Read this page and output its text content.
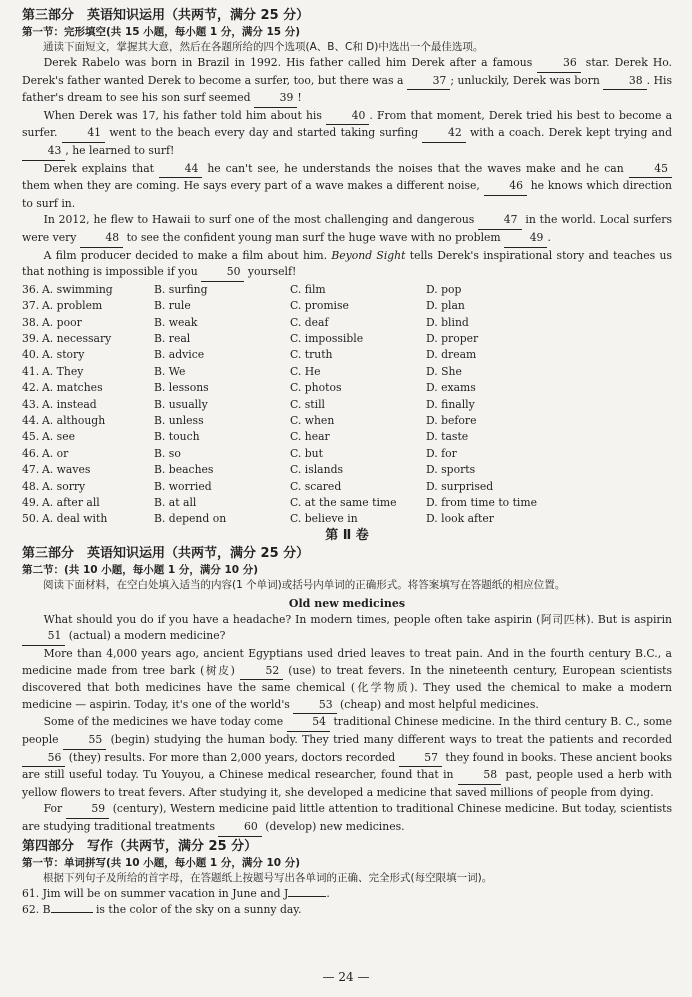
第三部分　英语知识运用（共两节，满分 25 分）
第一节：完形填空(共 15 小题，每小题 1 分，满分 15 分)
通读下面短文，掌握其大意，然后在各题所给的四个选项(A、B、C和 D)中选出一个最佳选项。

Derek Rabelo was born in Brazil in 1992. His father called him Derek after a famous 36 star. Derek Ho. Derek's father wanted Derek to become a surfer, too, but there was a 37 ; unluckily, Derek was born 38 . His father's dream to see his son surf seemed 39 !

When Derek was 17, his father told him about his 40 . From that moment, Derek tried his best to become a surfer. 41 went to the beach every day and started taking surfing 42 with a coach. Derek kept trying and 43 , he learned to surf!

Derek explains that 44 he can't see, he understands the noises that the waves make and he can 45 them when they are coming. He says every part of a wave makes a different noise, 46 he knows which direction to surf in.

In 2012, he flew to Hawaii to surf one of the most challenging and dangerous 47 in the world. Local surfers were very 48 to see the confident young man surf the huge wave with no problem 49 .

A film producer decided to make a film about him. Beyond Sight tells Derek's inspirational story and teaches us that nothing is impossible if you 50 yourself!

36. A. swimming	B. surfing	C. film	D. pop
37. A. problem	B. rule	C. promise	D. plan
38. A. poor	B. weak	C. deaf	D. blind
39. A. necessary	B. real	C. impossible	D. proper
40. A. story	B. advice	C. truth	D. dream
41. A. They	B. We	C. He	D. She
42. A. matches	B. lessons	C. photos	D. exams
43. A. instead	B. usually	C. still	D. finally
44. A. although	B. unless	C. when	D. before
45. A. see	B. touch	C. hear	D. taste
46. A. or	B. so	C. but	D. for
47. A. waves	B. beaches	C. islands	D. sports
48. A. sorry	B. worried	C. scared	D. surprised
49. A. after all	B. at all	C. at the same time	D. from time to time
50. A. deal with	B. depend on	C. believe in	D. look after
第 Ⅱ 卷
第三部分　英语知识运用（共两节，满分 25 分）
第二节：(共 10 小题，每小题 1 分，满分 10 分)
阅读下面材料，在空白处填入适当的内容(1 个单词)或括号内单词的正确形式。将答案填写在答题纸的相应位置。
Old new medicines

What should you do if you have a headache? In modern times, people often take aspirin (阿司匹林). But is aspirin 51 (actual) a modern medicine?

More than 4,000 years ago, ancient Egyptians used dried leaves to treat pain. And in the fourth century B.C., a medicine made from tree bark (树皮) 52 (use) to treat fevers. In the nineteenth century, European scientists discovered that both medicines have the same chemical (化学物质). They used the chemical to make a modern medicine — aspirin. Today, it's one of the world's 53 (cheap) and most helpful medicines.

Some of the medicines we have today come 54 traditional Chinese medicine. In the third century B. C., some people 55 (begin) studying the human body. They tried many different ways to treat the patients and recorded 56 (they) results. For more than 2,000 years, doctors recorded 57 they found in books. These ancient books are still useful today. Tu Youyou, a Chinese medical researcher, found that in 58 past, people used a herb with yellow flowers to treat fevers. After studying it, she developed a medicine that saved millions of people from dying.

For 59 (century), Western medicine paid little attention to traditional Chinese medicine. But today, scientists are studying traditional treatments 60 (develop) new medicines.

第四部分　写作（共两节，满分 25 分）
第一节：单词拼写(共 10 小题，每小题 1 分，满分 10 分)
根据下列句子及所给的首字母，在答题纸上按题号写出各单词的正确、完全形式(每空限填一词)。
61. Jim will be on summer vacation in June and J	.
62. B	is the color of the sky on a sunny day.
— 24 —
